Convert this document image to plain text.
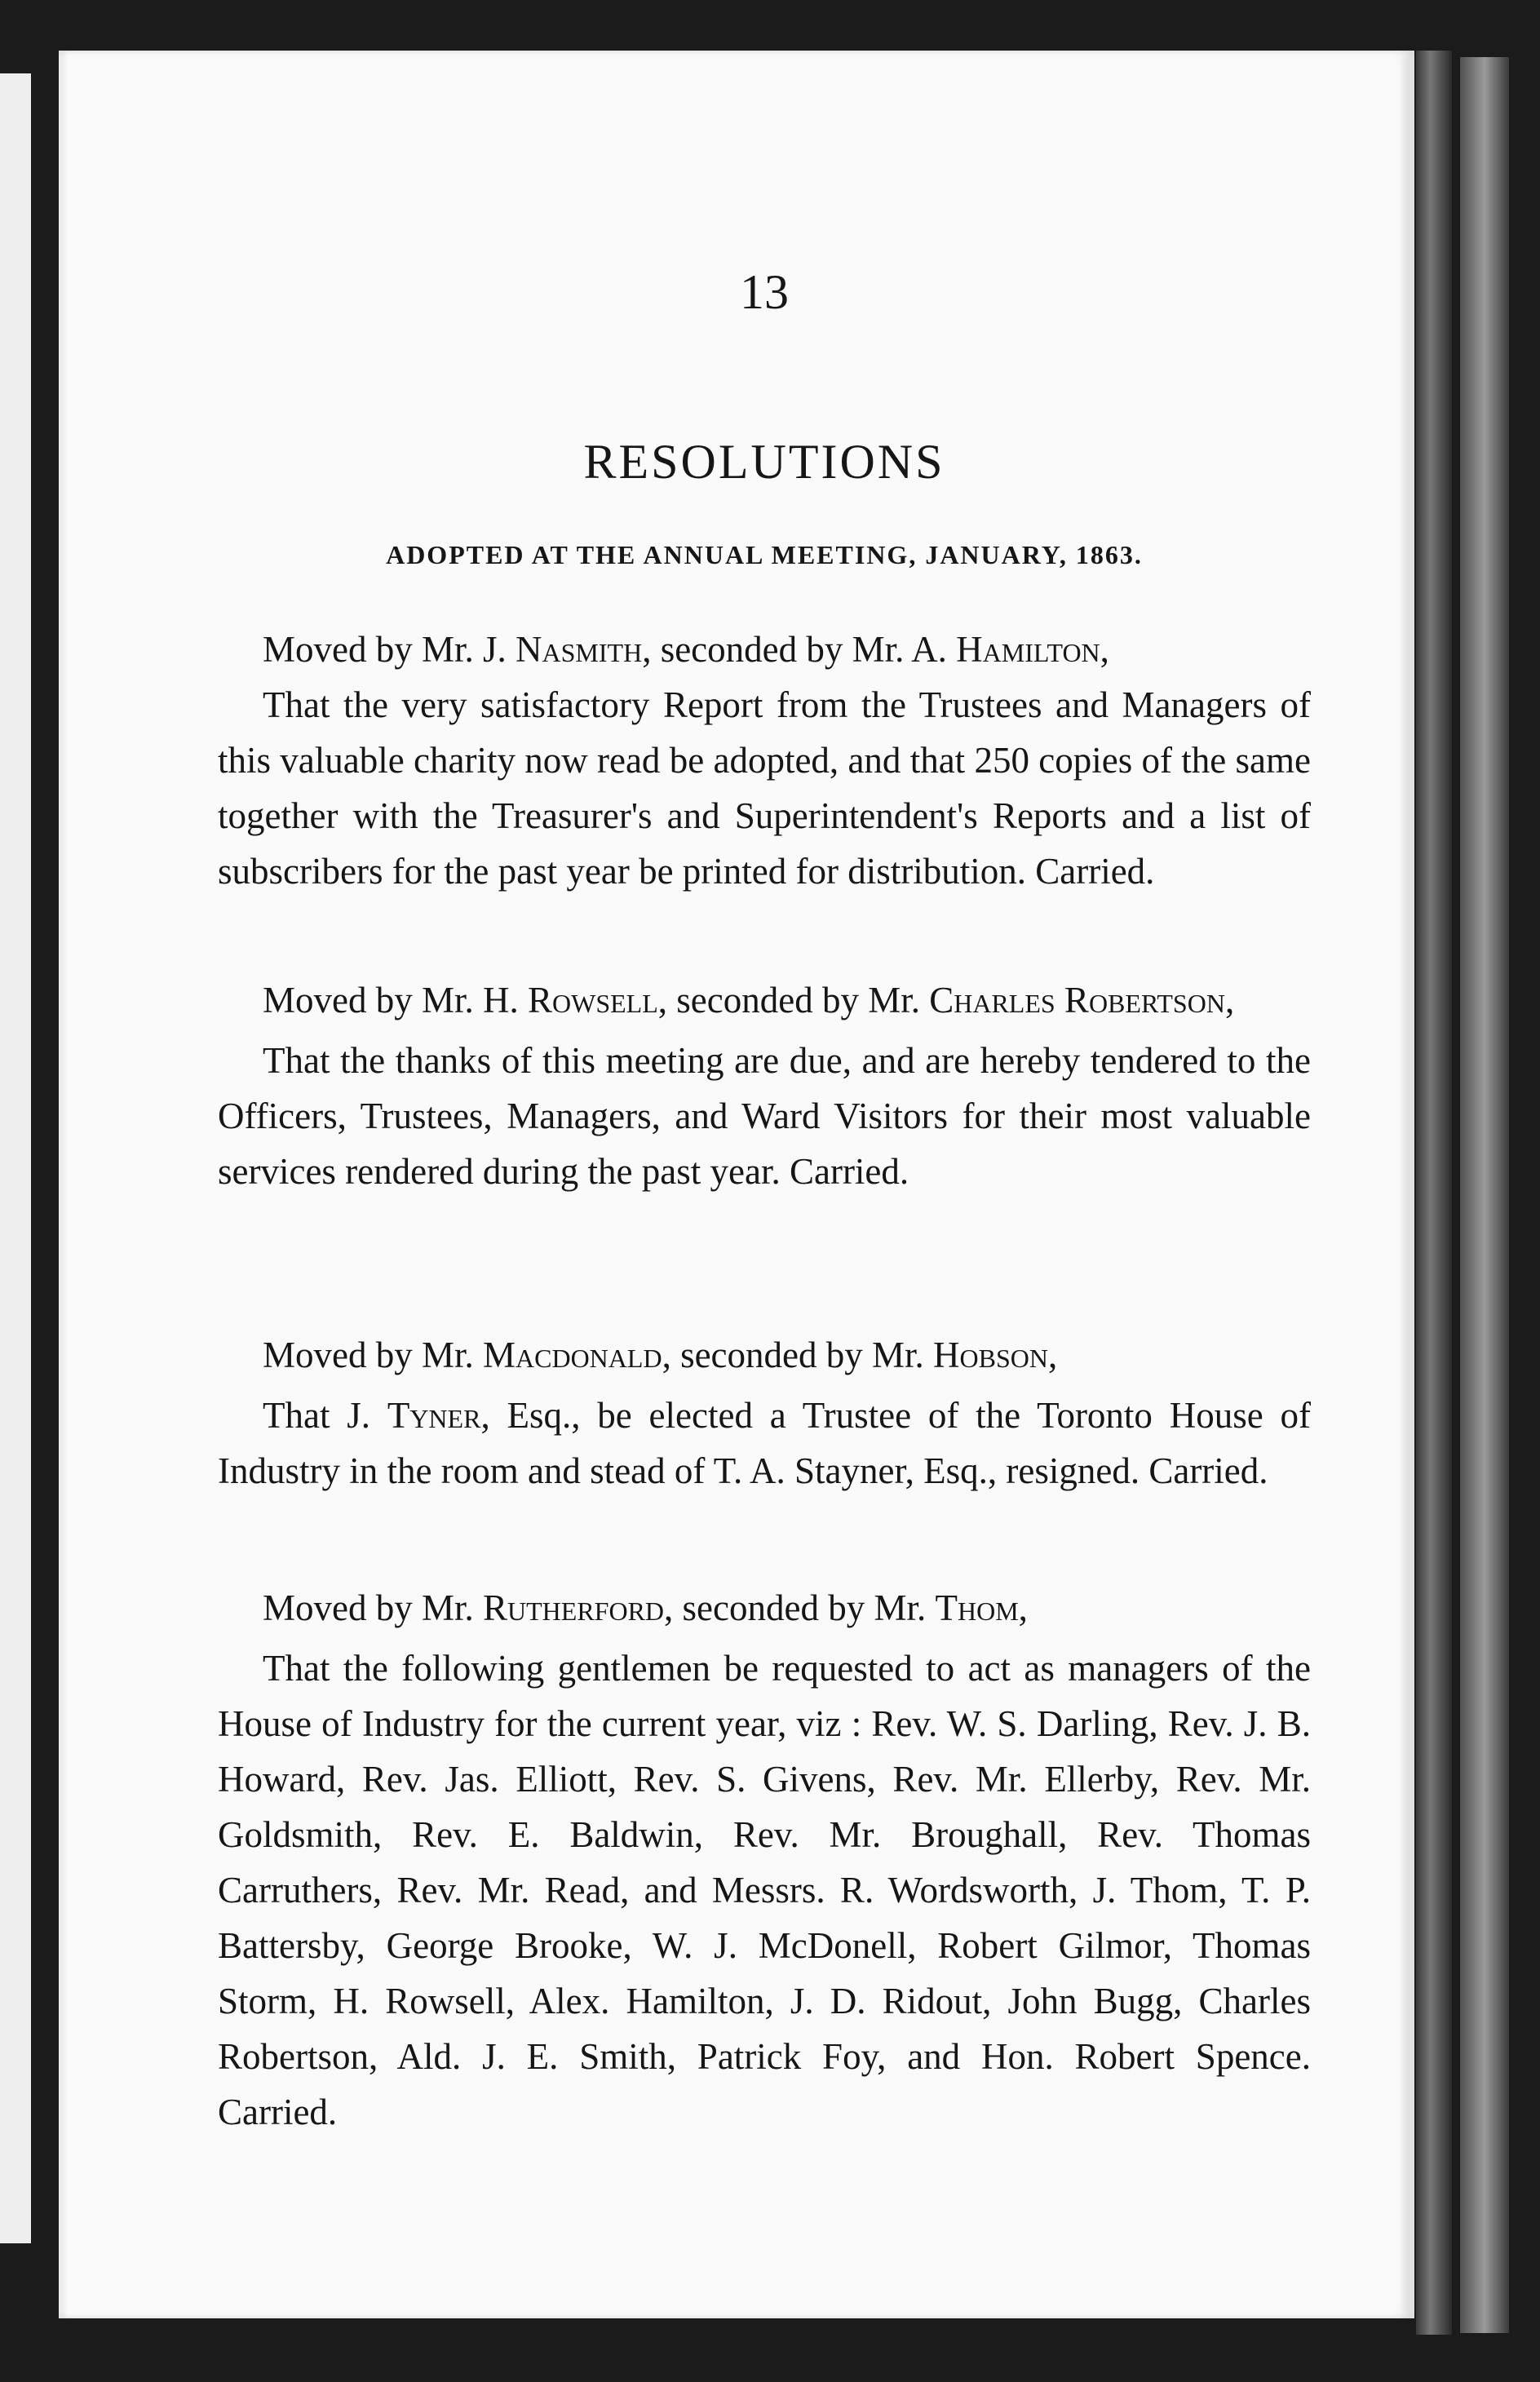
13
RESOLUTIONS
ADOPTED AT THE ANNUAL MEETING, JANUARY, 1863.

Moved by Mr. J. Nasmith, seconded by Mr. A. Hamilton,

That the very satisfactory Report from the Trustees and Managers of this valuable charity now read be adopted, and that 250 copies of the same together with the Treasurer's and Superintendent's Reports and a list of subscribers for the past year be printed for distribution. Carried.

Moved by Mr. H. Rowsell, seconded by Mr. Charles Robertson,

That the thanks of this meeting are due, and are hereby tendered to the Officers, Trustees, Managers, and Ward Visitors for their most valuable services rendered during the past year. Carried.

Moved by Mr. Macdonald, seconded by Mr. Hobson,

That J. Tyner, Esq., be elected a Trustee of the Toronto House of Industry in the room and stead of T. A. Stayner, Esq., resigned. Carried.

Moved by Mr. Rutherford, seconded by Mr. Thom,

That the following gentlemen be requested to act as managers of the House of Industry for the current year, viz : Rev. W. S. Darling, Rev. J. B. Howard, Rev. Jas. Elliott, Rev. S. Givens, Rev. Mr. Ellerby, Rev. Mr. Goldsmith, Rev. E. Baldwin, Rev. Mr. Broughall, Rev. Thomas Carruthers, Rev. Mr. Read, and Messrs. R. Wordsworth, J. Thom, T. P. Battersby, George Brooke, W. J. McDonell, Robert Gilmor, Thomas Storm, H. Rowsell, Alex. Hamilton, J. D. Ridout, John Bugg, Charles Robertson, Ald. J. E. Smith, Patrick Foy, and Hon. Robert Spence. Carried.
